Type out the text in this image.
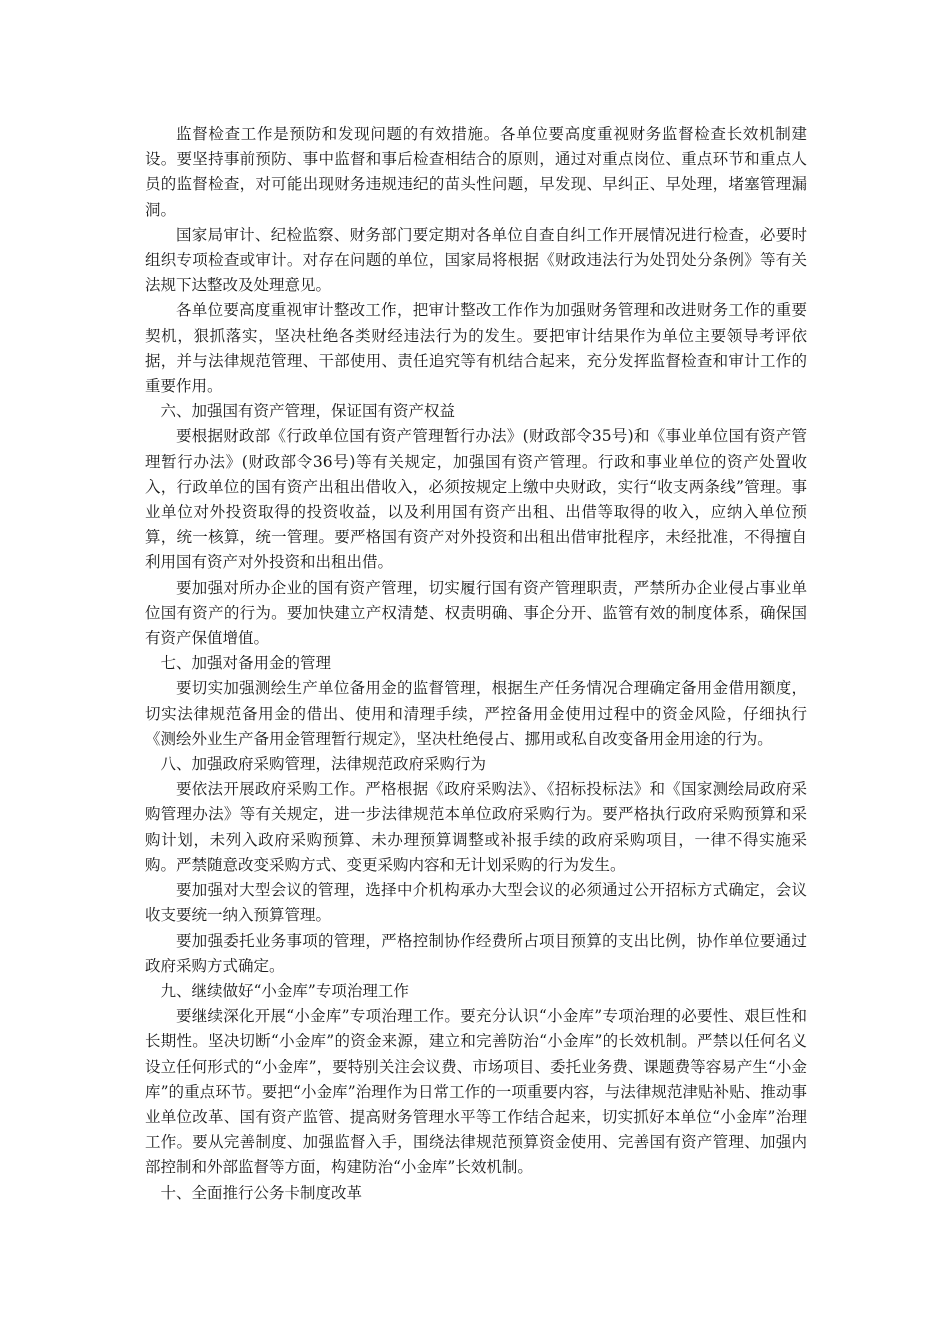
监督检查工作是预防和发现问题的有效措施。各单位要高度重视财务监督检查长效机制建设。要坚持事前预防、事中监督和事后检查相结合的原则，通过对重点岗位、重点环节和重点人员的监督检查，对可能出现财务违规违纪的苗头性问题，早发现、早纠正、早处理，堵塞管理漏洞。

国家局审计、纪检监察、财务部门要定期对各单位自查自纠工作开展情况进行检查，必要时组织专项检查或审计。对存在问题的单位，国家局将根据《财政违法行为处罚处分条例》等有关法规下达整改及处理意见。

各单位要高度重视审计整改工作，把审计整改工作作为加强财务管理和改进财务工作的重要契机，狠抓落实，坚决杜绝各类财经违法行为的发生。要把审计结果作为单位主要领导考评依据，并与法律规范管理、干部使用、责任追究等有机结合起来，充分发挥监督检查和审计工作的重要作用。

六、加强国有资产管理，保证国有资产权益

要根据财政部《行政单位国有资产管理暂行办法》(财政部令35号)和《事业单位国有资产管理暂行办法》(财政部令36号)等有关规定，加强国有资产管理。行政和事业单位的资产处置收入，行政单位的国有资产出租出借收入，必须按规定上缴中央财政，实行“收支两条线”管理。事业单位对外投资取得的投资收益，以及利用国有资产出租、出借等取得的收入，应纳入单位预算，统一核算，统一管理。要严格国有资产对外投资和出租出借审批程序，未经批准，不得擅自利用国有资产对外投资和出租出借。

要加强对所办企业的国有资产管理，切实履行国有资产管理职责，严禁所办企业侵占事业单位国有资产的行为。要加快建立产权清楚、权责明确、事企分开、监管有效的制度体系，确保国有资产保值增值。

七、加强对备用金的管理

要切实加强测绘生产单位备用金的监督管理，根据生产任务情况合理确定备用金借用额度，切实法律规范备用金的借出、使用和清理手续，严控备用金使用过程中的资金风险，仔细执行《测绘外业生产备用金管理暂行规定》，坚决杜绝侵占、挪用或私自改变备用金用途的行为。

八、加强政府采购管理，法律规范政府采购行为

要依法开展政府采购工作。严格根据《政府采购法》、《招标投标法》和《国家测绘局政府采购管理办法》等有关规定，进一步法律规范本单位政府采购行为。要严格执行政府采购预算和采购计划，未列入政府采购预算、未办理预算调整或补报手续的政府采购项目，一律不得实施采购。严禁随意改变采购方式、变更采购内容和无计划采购的行为发生。

要加强对大型会议的管理，选择中介机构承办大型会议的必须通过公开招标方式确定，会议收支要统一纳入预算管理。

要加强委托业务事项的管理，严格控制协作经费所占项目预算的支出比例，协作单位要通过政府采购方式确定。

九、继续做好“小金库”专项治理工作

要继续深化开展“小金库”专项治理工作。要充分认识“小金库”专项治理的必要性、艰巨性和长期性。坚决切断“小金库”的资金来源，建立和完善防治“小金库”的长效机制。严禁以任何名义设立任何形式的“小金库”，要特别关注会议费、市场项目、委托业务费、课题费等容易产生“小金库”的重点环节。要把“小金库”治理作为日常工作的一项重要内容，与法律规范津贴补贴、推动事业单位改革、国有资产监管、提高财务管理水平等工作结合起来，切实抓好本单位“小金库”治理工作。要从完善制度、加强监督入手，围绕法律规范预算资金使用、完善国有资产管理、加强内部控制和外部监督等方面，构建防治“小金库”长效机制。

十、全面推行公务卡制度改革
